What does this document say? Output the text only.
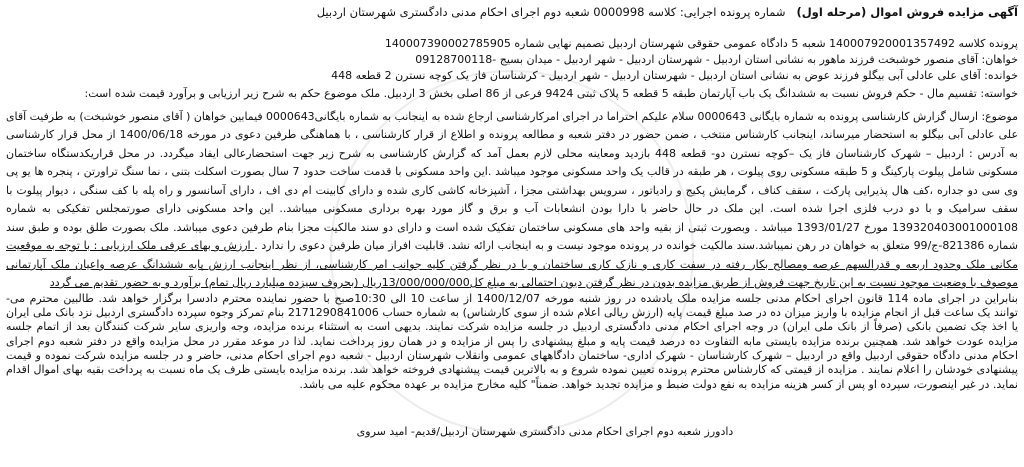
آگهی مزایده فروش اموال (مرحله اول)   شماره پرونده اجرایی: کلاسه 0000998 شعبه دوم اجرای احکام مدنی دادگستری شهرستان اردبیل
پرونده کلاسه 140007920001357492 شعبه 5 دادگاه عمومی حقوقی شهرستان اردبیل تصمیم نهایی شماره 140007390002785905
خواهان: آقای منصور خوشبخت فرزند ماهور به نشانی استان اردبیل - شهرستان اردبیل - شهر اردبیل - میدان بسیج -09128700118
خوانده: آقای علی عادلی آبی بیگلو فرزند عوض به نشانی استان اردبیل - شهرستان اردبیل - شهر اردبیل - کرشناسان فاز یک کوچه نسترن 2 قطعه 448
خواسته: تقسیم مال - حکم فروش نسبت به ششدانگ یک باب آپارتمان طبقه 5 قطعه 5 پلاک ثبتی 9424 فرعی از 86 اصلی بخش 3 اردبیل. ملک موضوع حکم به شرح زیر ارزیابی و برآورد قیمت شده است:
موضوع: ارسال گزارش کارشناسی پرونده به شماره بایگانی 0000643 سلام علیکم احتراما در اجرای امرکارشناسی ارجاع شده به اینجانب به شماره بایگانی0000643 فیمابین خواهان ( آقای منصور خوشبخت) به طرفیت آقای
علی عادلی آبی بیگلو به استحضار میرساند، اینجانب کارشناس منتخب ، ضمن حضور در دفتر شعبه و مطالعه پرونده و اطلاع از قرار کارشناسی ، با هماهنگی طرفین دعوی در مورخه 1400/06/18 از محل قرار کارشناسی
به آدرس : اردبیل – شهرک کارشناسان فاز یک –کوچه نسترن دو- قطعه 448 بازدید ومعاینه محلی لازم بعمل آمد که گزارش کارشناسی به شرح زیر جهت استحضارعالی ایفاد میگردد. در محل قراریکدستگاه ساختمان
مسکونی شامل پیلوت پارکینگ و 5 طبقه مسکونی روی پیلوت ، هر طبقه در قالب یک واحد مسکونی موجود میباشد .این واحد مسکونی با قدمت ساخت حدود 7 سال بصورت اسکلت بتنی ، نما سنگ تراورتن ، پنجره ها یو پی
وی سی دو جداره ،کف هال پذیرایی پارکت ، سقف کناف ، گرمایش پکیج و رادیاتور ، سرویس بهداشتی مجزا ، آشپزخانه کاشی کاری شده و دارای کابینت ام دی اف ، دارای آسانسور و راه پله با کف سنگی ، دیوار پیلوت با
سقف سرامیک و با دو درب فلزی اجرا شده است. این ملک در حال حاضر با دارا بودن انشعابات آب و برق و گاز مورد بهره برداری مسکونی میباشد.. این واحد مسکونی دارای صورتمجلس تفکیکی به شماره
139320403001000108 مورخ 1393/01/27 میباشد . وبصورت ثبتی از بقیه واحد های مسکونی ساختمان تفکیک شده است و دارای دو سند مالکیت مجزا بنام طرفین دعوی میباشد. ملک بصورت طلق بوده و طبق سند
شماره 821386-ج/99 متعلق به خواهان در رهن نمیباشد.سند مالکیت خوانده در پرونده موجود نیست و به اینجانب ارائه نشد. قابلیت افراز میان طرفین دعوی را ندارد . ارزش و بهای عرفی ملک ارزیابی : با توجه به موقعیت
مکانی ملک وحدود اربعه و قدرالسهم عرصه ومصالح بکار رفته در سفت کاری و نازک کاری ساختمان و با در نظر گرفتن کلیه جوانب امر کارشناسی، از نظر اینجانب ارزش پایه ششدانگ عرصه واعیان ملک آپارتمانی
موصوف با وضعیت موجود نسبت به این تاریخ جهت فروش از طریق مزایده بدون در نظر گرفتن دیون احتمالی به مبلغ کل13/000/000/000ریال (بحروف سیزده میلیارد ریال تمام) برآورد و به حضور تقدیم می گردد
بنابراین در اجرای ماده 114 قانون اجرای احکام مدنی جلسه مزایده ملک یادشده در روز شنبه مورخه 1400/12/07 از ساعت 10 الی 10:30صبح با حضور نماینده محترم دادسرا برگزار خواهد شد. طالبین محترم می-
توانند یک ساعت قبل از انجام مزایده با واریز میزان ده در صد مبلغ قیمت پایه (ارزش ریالی اعلام شده از سوی کارشناس) به شماره حساب 2171290841006 بنام تمرکز وجوه سپرده دادگستری اردبیل نزد بانک ملی ایران
یا اخذ چک تضمین بانکی (صرفاً از بانک ملی ایران) در وجه اجرای احکام مدنی دادگستری اردبیل در جلسه مزایده شرکت نمایند. بدیهی است به استثناء برنده مزایده، وجه واریزی سایر شرکت کنندگان بعد از اتمام جلسه
مزایده عودت خواهد شد. همچنین برنده مزایده بایستی مابه التفاوت ده درصد قیمت پایه و مبلغ پیشنهادی را پس از مزایده و در همان روز پرداخت نماید. لذا در موعد مقرر در محل مزایده واقع در دفتر شعبه دوم اجرای
احکام مدنی دادگاه حقوقی اردبیل واقع در اردبیل – شهرک کارشناسان - شهرک اداری- ساختمان دادگاههای عمومی وانقلاب شهرستان اردبیل - شعبه دوم اجرای احکام مدنی، حاضر و در جلسه مزایده شرکت نموده و قیمت
پیشنهادی خودشان را اعلام نمایند . مزایده از قیمتی که کارشناس محترم پرونده تعیین نموده شروع و به بالاترین قیمت پیشنهادی فروخته خواهد شد. برنده مزایده بایستی ظرف یک ماه نسبت به پرداخت بقیه بهای اموال اقدام
نماید. در غیر اینصورت، سپرده او پس از کسر هزینه مزایده به نفع دولت ضبط و مزایده تجدید خواهد. ضمناً" کلیه مخارج مزایده بر عهده محکوم علیه می باشد.
دادورز شعبه دوم اجرای احکام مدنی دادگستری شهرستان اردبیل/قدیم- امید سروی
